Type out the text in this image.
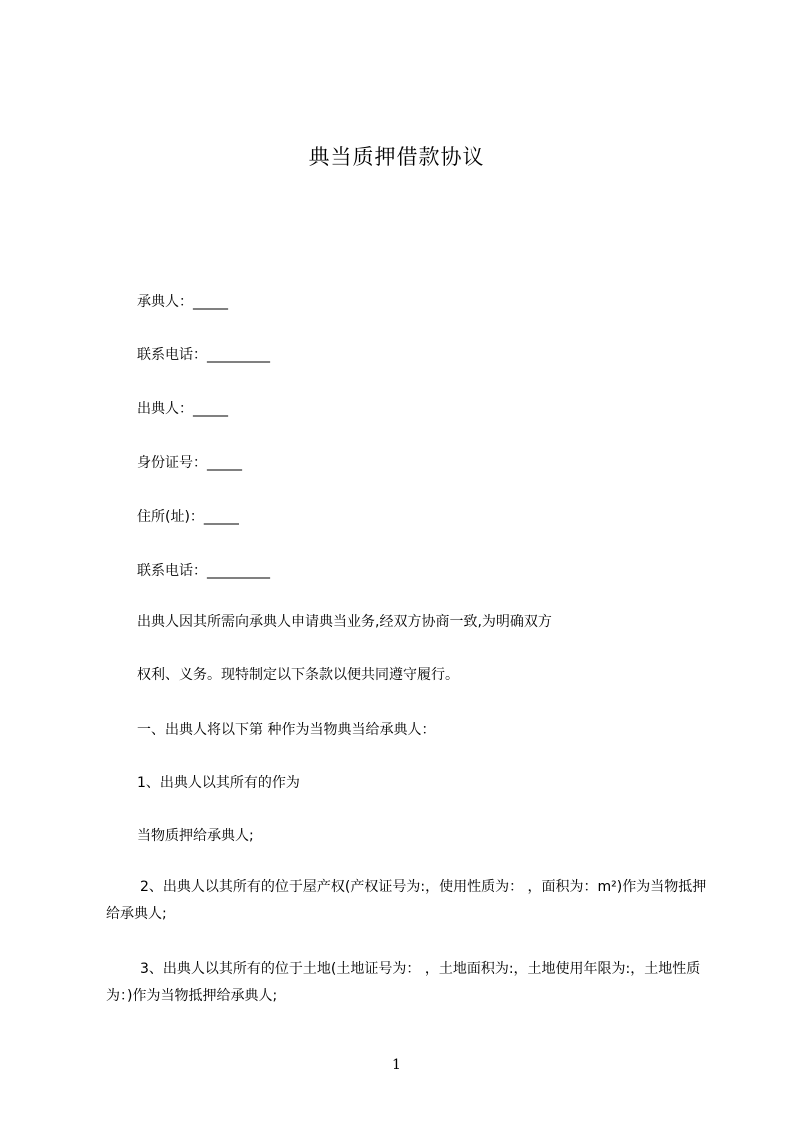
典当质押借款协议
承典人：_____
联系电话：_________
出典人：_____
身份证号：_____
住所(址)：_____
联系电话：_________
出典人因其所需向承典人申请典当业务,经双方协商一致,为明确双方
权利、义务。现特制定以下条款以便共同遵守履行。
一、出典人将以下第 种作为当物典当给承典人：
1、出典人以其所有的作为
当物质押给承典人;
2、出典人以其所有的位于屋产权(产权证号为:，使用性质为： ，面积为：m²)作为当物抵押给承典人;
3、出典人以其所有的位于土地(土地证号为： ，土地面积为:，土地使用年限为:，土地性质为：)作为当物抵押给承典人;
1
